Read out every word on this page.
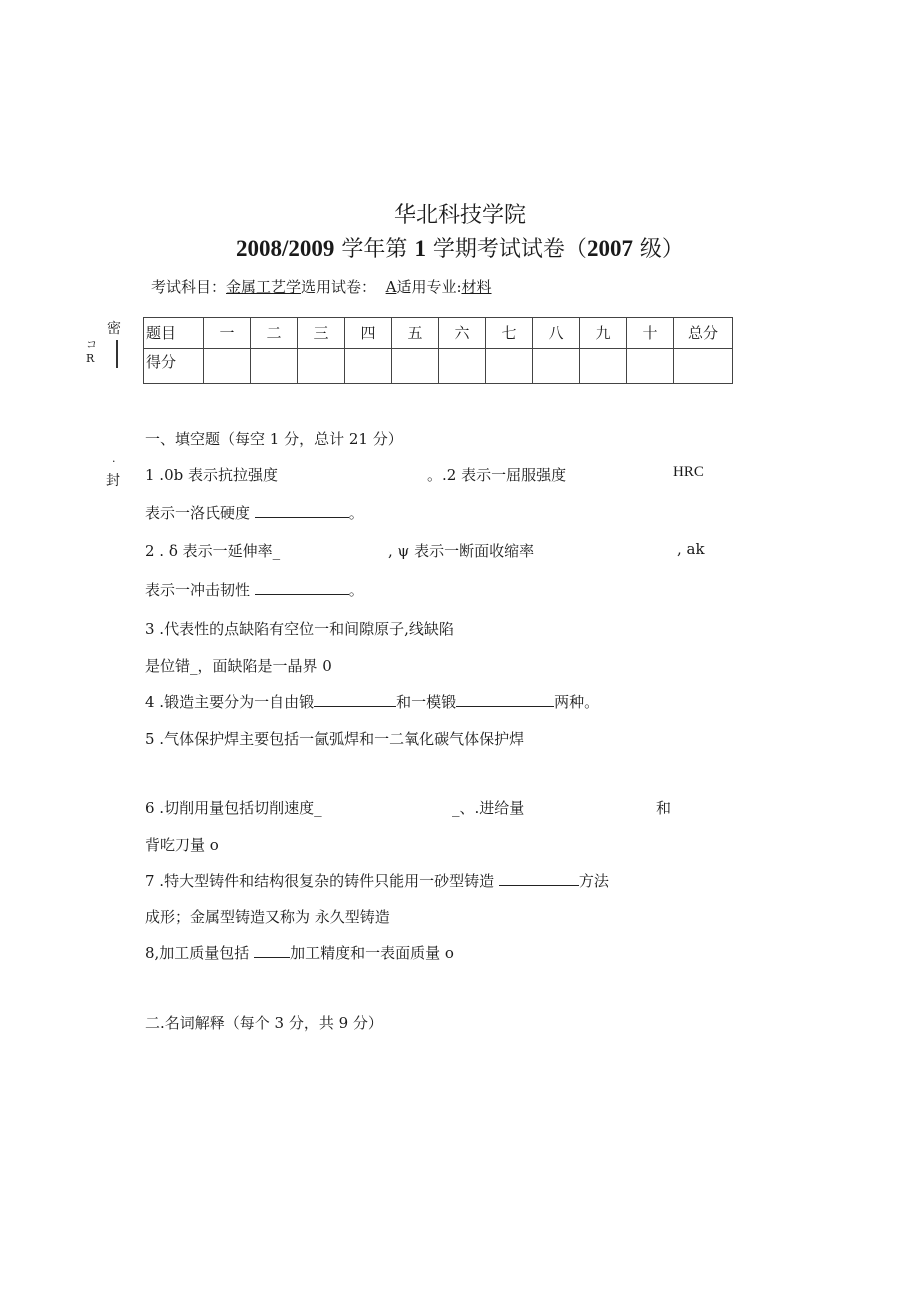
华北科技学院
2008/2009 学年第 1 学期考试试卷（2007 级）
考试科目：金属工艺学选用试卷： A适用专业:材料
密
コ
R
·
封
题目	一	二	三	四	五	六	七	八	九	十	总分
得分											
一、填空题（每空 1 分，总计 21 分）
1 .0b 表示抗拉强度	。.2 表示一屈服强度	HRC
表示一洛氏硬度	。
2 . δ 表示一延伸率_	, ψ 表示一断面收缩率	, ak
表示一冲击韧性	。
3 .代表性的点缺陷有空位一和间隙原子,线缺陷
是位错_，面缺陷是一晶界 0
4 .锻造主要分为一自由锻	和一模锻	两种。
5 .气体保护焊主要包括一氤弧焊和一二氧化碳气体保护焊
6 .切削用量包括切削速度_	_、.进给量	和
背吃刀量 o
7 .特大型铸件和结构很复杂的铸件只能用一砂型铸造	方法
成形；金属型铸造又称为 永久型铸造
8,加工质量包括	加工精度和一表面质量 o
二.名词解释（每个 3 分，共 9 分）
